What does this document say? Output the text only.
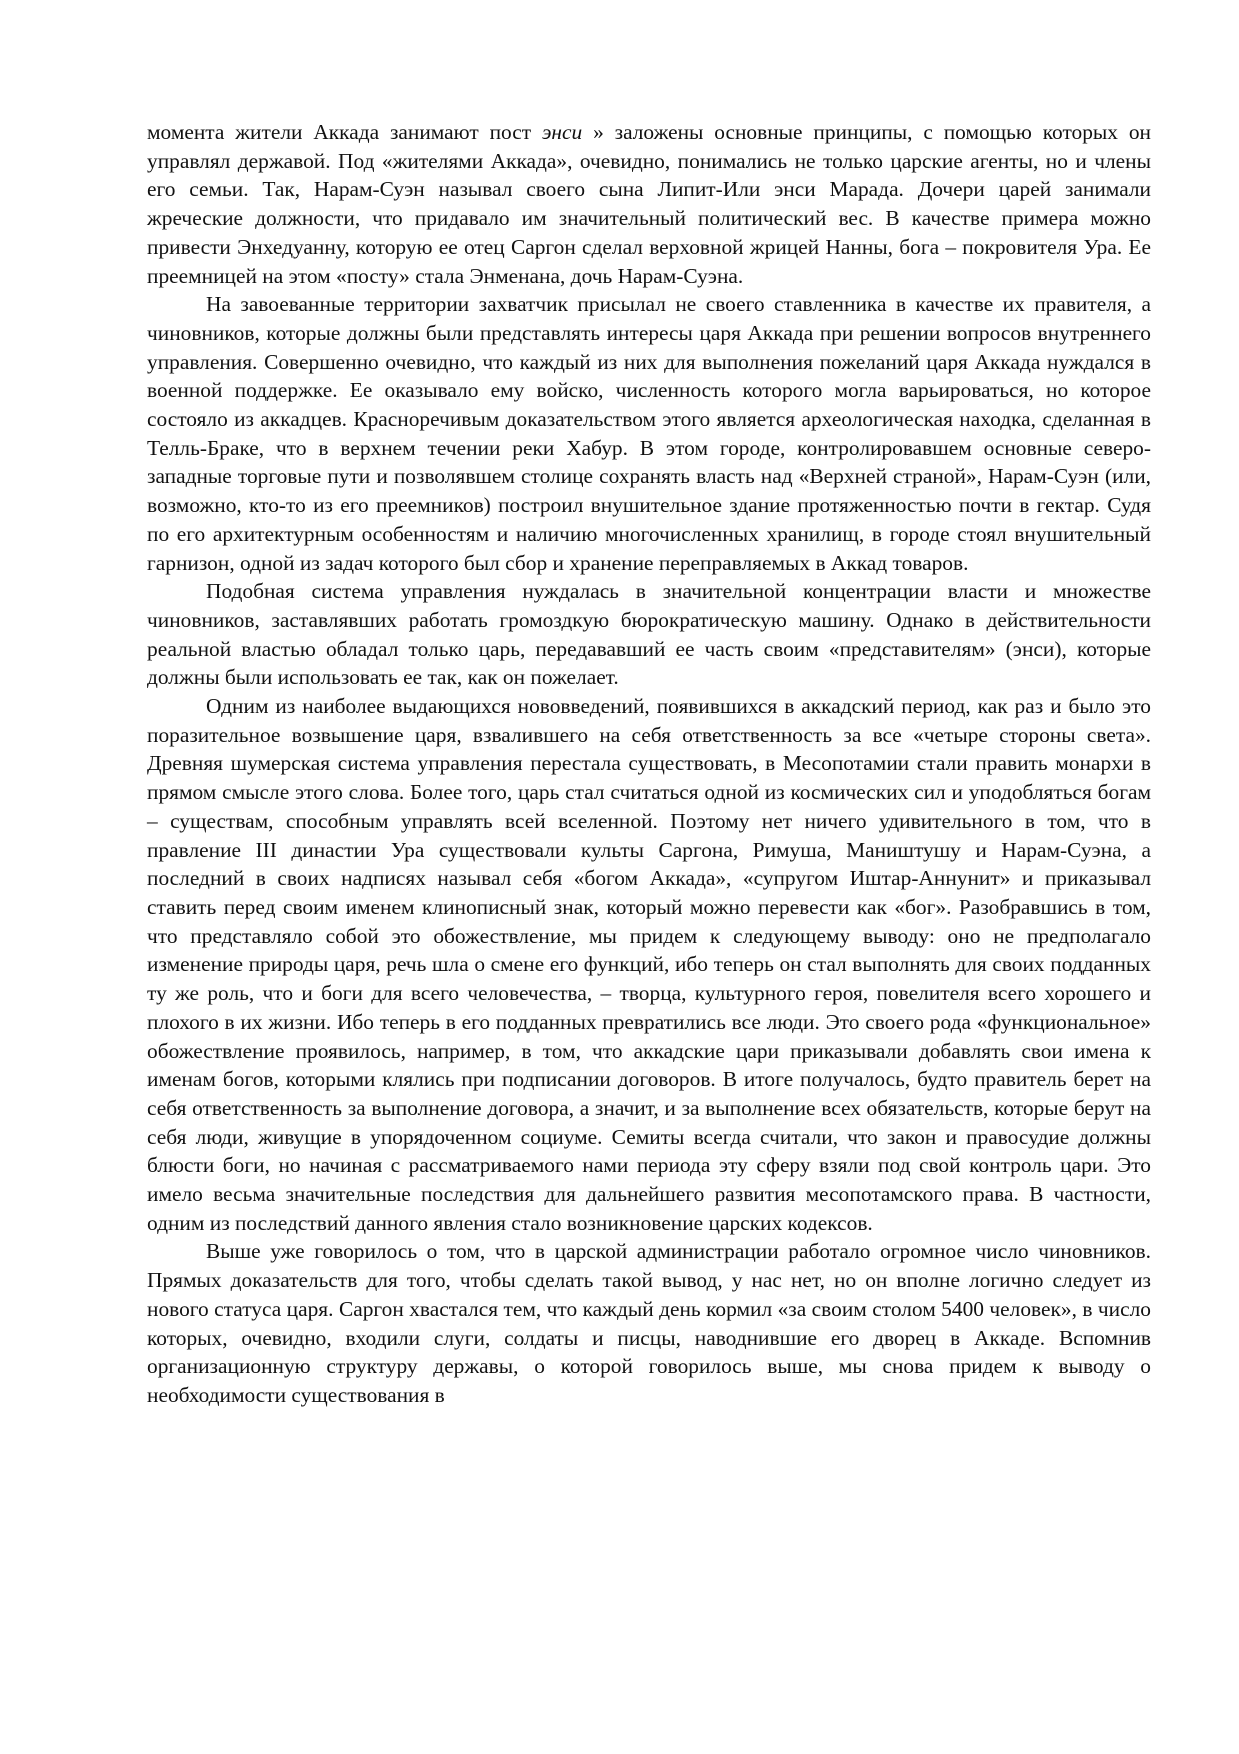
момента жители Аккада занимают пост энси » заложены основные принципы, с помощью которых он управлял державой. Под «жителями Аккада», очевидно, понимались не только царские агенты, но и члены его семьи. Так, Нарам-Суэн называл своего сына Липит-Или энси Марада. Дочери царей занимали жреческие должности, что придавало им значительный политический вес. В качестве примера можно привести Энхедуанну, которую ее отец Саргон сделал верховной жрицей Нанны, бога – покровителя Ура. Ее преемницей на этом «посту» стала Энменана, дочь Нарам-Суэна.

На завоеванные территории захватчик присылал не своего ставленника в качестве их правителя, а чиновников, которые должны были представлять интересы царя Аккада при решении вопросов внутреннего управления. Совершенно очевидно, что каждый из них для выполнения пожеланий царя Аккада нуждался в военной поддержке. Ее оказывало ему войско, численность которого могла варьироваться, но которое состояло из аккадцев. Красноречивым доказательством этого является археологическая находка, сделанная в Телль-Браке, что в верхнем течении реки Хабур. В этом городе, контролировавшем основные северо-западные торговые пути и позволявшем столице сохранять власть над «Верхней страной», Нарам-Суэн (или, возможно, кто-то из его преемников) построил внушительное здание протяженностью почти в гектар. Судя по его архитектурным особенностям и наличию многочисленных хранилищ, в городе стоял внушительный гарнизон, одной из задач которого был сбор и хранение переправляемых в Аккад товаров.

Подобная система управления нуждалась в значительной концентрации власти и множестве чиновников, заставлявших работать громоздкую бюрократическую машину. Однако в действительности реальной властью обладал только царь, передававший ее часть своим «представителям» (энси), которые должны были использовать ее так, как он пожелает.

Одним из наиболее выдающихся нововведений, появившихся в аккадский период, как раз и было это поразительное возвышение царя, взвалившего на себя ответственность за все «четыре стороны света». Древняя шумерская система управления перестала существовать, в Месопотамии стали править монархи в прямом смысле этого слова. Более того, царь стал считаться одной из космических сил и уподобляться богам – существам, способным управлять всей вселенной. Поэтому нет ничего удивительного в том, что в правление III династии Ура существовали культы Саргона, Римуша, Маништушу и Нарам-Суэна, а последний в своих надписях называл себя «богом Аккада», «супругом Иштар-Аннунит» и приказывал ставить перед своим именем клинописный знак, который можно перевести как «бог». Разобравшись в том, что представляло собой это обожествление, мы придем к следующему выводу: оно не предполагало изменение природы царя, речь шла о смене его функций, ибо теперь он стал выполнять для своих подданных ту же роль, что и боги для всего человечества, – творца, культурного героя, повелителя всего хорошего и плохого в их жизни. Ибо теперь в его подданных превратились все люди. Это своего рода «функциональное» обожествление проявилось, например, в том, что аккадские цари приказывали добавлять свои имена к именам богов, которыми клялись при подписании договоров. В итоге получалось, будто правитель берет на себя ответственность за выполнение договора, а значит, и за выполнение всех обязательств, которые берут на себя люди, живущие в упорядоченном социуме. Семиты всегда считали, что закон и правосудие должны блюсти боги, но начиная с рассматриваемого нами периода эту сферу взяли под свой контроль цари. Это имело весьма значительные последствия для дальнейшего развития месопотамского права. В частности, одним из последствий данного явления стало возникновение царских кодексов.

Выше уже говорилось о том, что в царской администрации работало огромное число чиновников. Прямых доказательств для того, чтобы сделать такой вывод, у нас нет, но он вполне логично следует из нового статуса царя. Саргон хвастался тем, что каждый день кормил «за своим столом 5400 человек», в число которых, очевидно, входили слуги, солдаты и писцы, наводнившие его дворец в Аккаде. Вспомнив организационную структуру державы, о которой говорилось выше, мы снова придем к выводу о необходимости существования в
